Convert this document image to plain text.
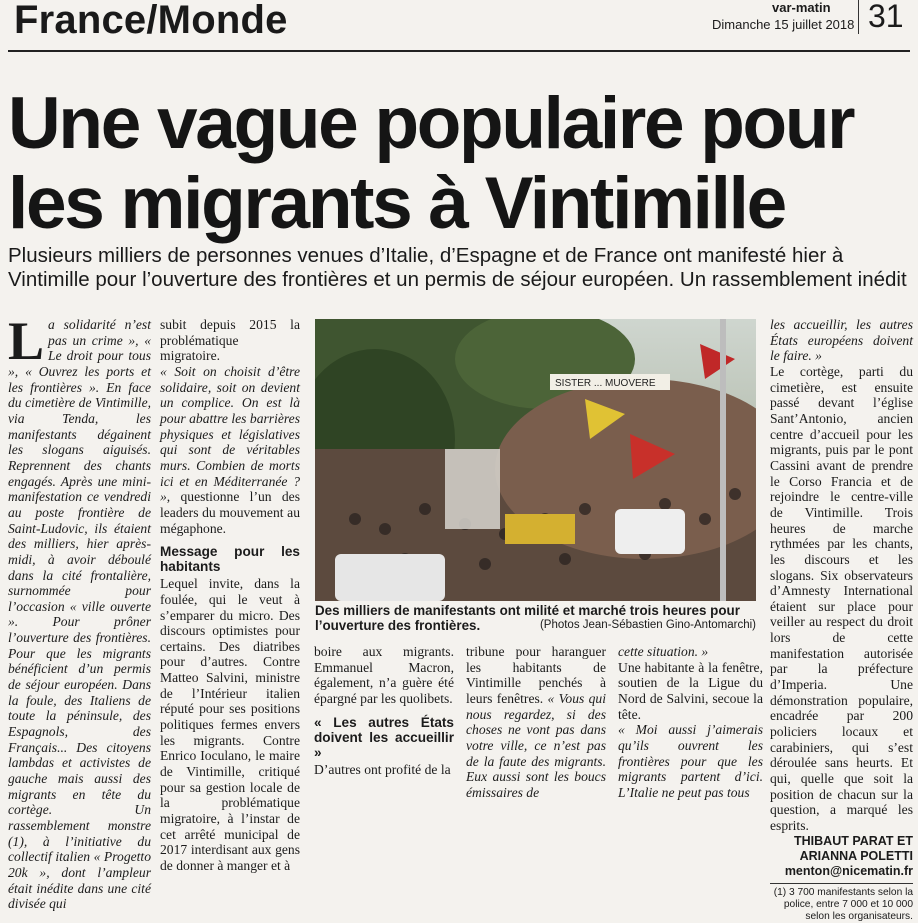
France/Monde	var-matin
Dimanche 15 juillet 2018 31
Une vague populaire pour les migrants à Vintimille
Plusieurs milliers de personnes venues d’Italie, d’Espagne et de France ont manifesté hier à Vintimille pour l’ouverture des frontières et un permis de séjour européen. Un rassemblement inédit
La solidarité n’est pas un crime », « Le droit pour tous », « Ouvrez les ports et les frontières ». En face du cimetière de Vintimille, via Tenda, les manifestants dégainent les slogans aiguisés. Reprennent des chants engagés. Après une mini-manifestation ce vendredi au poste frontière de Saint-Ludovic, ils étaient des milliers, hier après-midi, à avoir déboulé dans la cité frontalière, surnommée pour l’occasion « ville ouverte ». Pour prôner l’ouverture des frontières. Pour que les migrants bénéficient d’un permis de séjour européen. Dans la foule, des Italiens de toute la péninsule, des Espagnols, des Français... Des citoyens lambdas et activistes de gauche mais aussi des migrants en tête du cortège. Un rassemblement monstre (1), à l’initiative du collectif italien « Progetto 20k », dont l’ampleur était inédite dans une cité divisée qui

subit depuis 2015 la problématique migratoire.

« Soit on choisit d’être solidaire, soit on devient un complice. On est là pour abattre les barrières physiques et législatives qui sont de véritables murs. Combien de morts ici et en Méditerranée ? », questionne l’un des leaders du mouvement au mégaphone.

Message pour les habitants

Lequel invite, dans la foulée, qui le veut à s’emparer du micro. Des discours optimistes pour certains. Des diatribes pour d’autres. Contre Matteo Salvini, ministre de l’Intérieur italien réputé pour ses positions politiques fermes envers les migrants. Contre Enrico Ioculano, le maire de Vintimille, critiqué pour sa gestion locale de la problématique migratoire, à l’instar de cet arrêté municipal de 2017 interdisant aux gens de donner à manger et à

SISTER ... MUOVERE
Des milliers de manifestants ont milité et marché trois heures pour l’ouverture des frontières.	(Photos Jean-Sébastien Gino-Antomarchi)

boire aux migrants. Emmanuel Macron, également, n’a guère été épargné par les quolibets.

« Les autres États doivent les accueillir »

D’autres ont profité de la

tribune pour haranguer les habitants de Vintimille penchés à leurs fenêtres. « Vous qui nous regardez, si des choses ne vont pas dans votre ville, ce n’est pas de la faute des migrants. Eux aussi sont les boucs émissaires de

cette situation. »

Une habitante à la fenêtre, soutien de la Ligue du Nord de Salvini, secoue la tête.

« Moi aussi j’aimerais qu’ils ouvrent les frontières pour que les migrants partent d’ici. L’Italie ne peut pas tous

les accueillir, les autres États européens doivent le faire. »

Le cortège, parti du cimetière, est ensuite passé devant l’église Sant’Antonio, ancien centre d’accueil pour les migrants, puis par le pont Cassini avant de prendre le Corso Francia et de rejoindre le centre-ville de Vintimille. Trois heures de marche rythmées par les chants, les discours et les slogans. Six observateurs d’Amnesty International étaient sur place pour veiller au respect du droit lors de cette manifestation autorisée par la préfecture d’Imperia. Une démonstration populaire, encadrée par 200 policiers locaux et carabiniers, qui s’est déroulée sans heurts. Et qui, quelle que soit la position de chacun sur la question, a marqué les esprits.

THIBAUT PARAT ET ARIANNA POLETTI

menton@nicematin.fr

(1) 3 700 manifestants selon la police, entre 7 000 et 10 000 selon les organisateurs.
